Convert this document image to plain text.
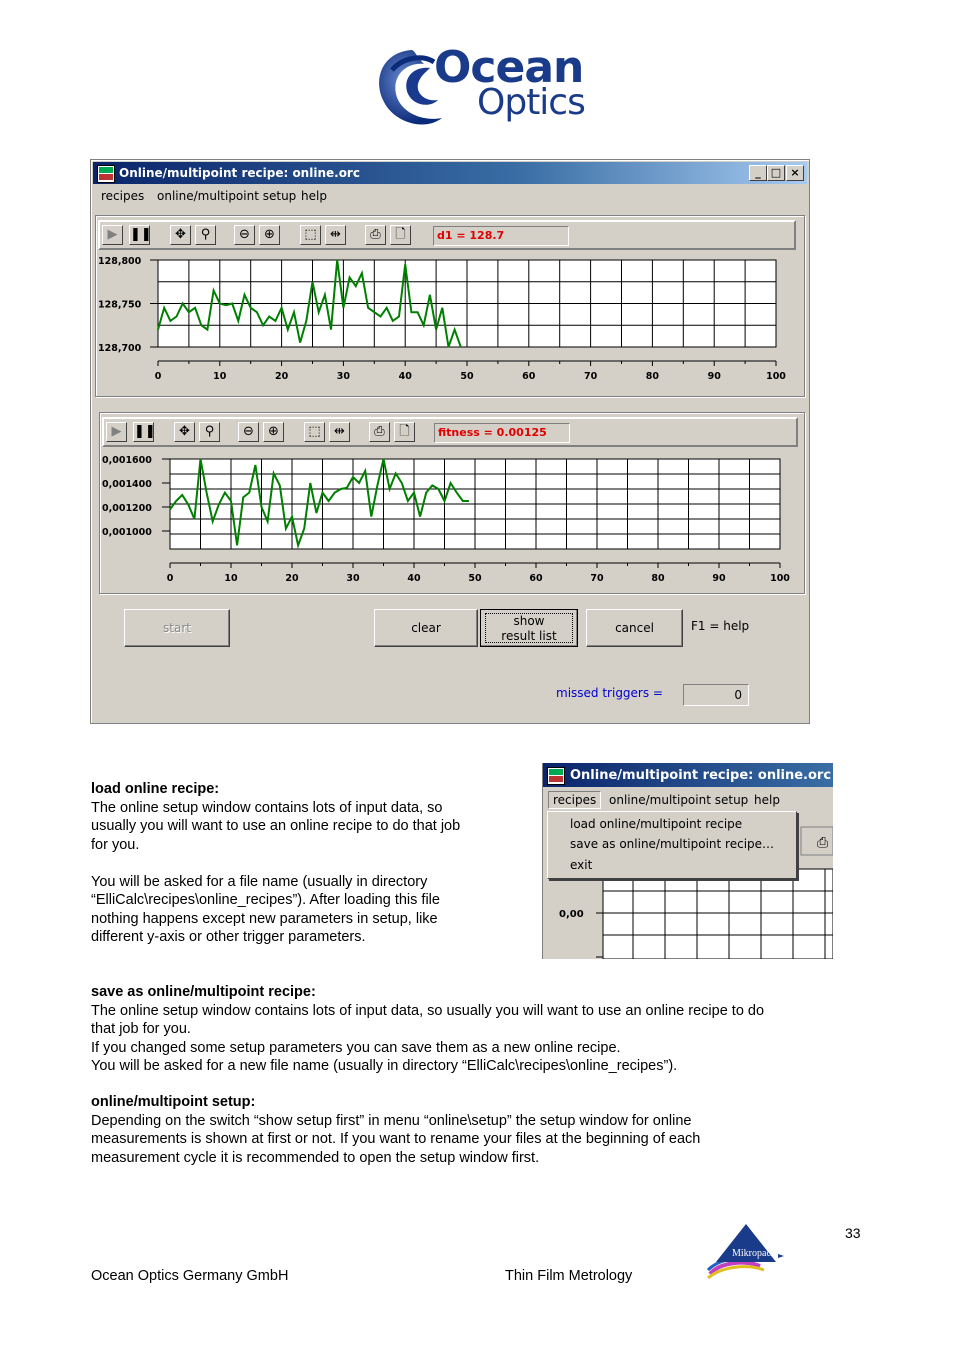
Ocean
Optics
Online/multipoint recipe: online.orc	_ □ ×
recipes online/multipoint setup help
▶ ❚❚	✥	⚲	⊖	⊕	⬚	⇹	⎙	🗋	d1 = 128.7
128,800
128,750
128,700
0	10	20	30	40	50	60	70	80	90	100
▶ ❚❚	✥	⚲	⊖	⊕	⬚	⇹	⎙	🗋	fitness = 0.00125
0,001600
0,001400
0,001200
0,001000
0	10	20	30	40	50	60	70	80	90	100
start	clear	show
result list
cancel	F1 = help
missed triggers =	0
Online/multipoint recipe: online.orc
recipes	online/multipoint setup help
0,00
⎙
load online/multipoint recipe
save as online/multipoint recipe…
exit
load online recipe:
The online setup window contains lots of input data, so
usually you will want to use an online recipe to do that job
for you.
You will be asked for a file name (usually in directory
“ElliCalc\recipes\online_recipes”). After loading this file
nothing happens except new parameters in setup, like
different y-axis or other trigger parameters.
save as online/multipoint recipe:
The online setup window contains lots of input data, so usually you will want to use an online recipe to do
that job for you.
If you changed some setup parameters you can save them as a new online recipe.
You will be asked for a new file name (usually in directory “ElliCalc\recipes\online_recipes”).
online/multipoint setup:
Depending on the switch “show setup first” in menu “online\setup” the setup window for online
measurements is shown at first or not. If you want to rename your files at the beginning of each
measurement cycle it is recommended to open the setup window first.
33
Ocean Optics Germany GmbH	Thin Film Metrology
Mikropack
